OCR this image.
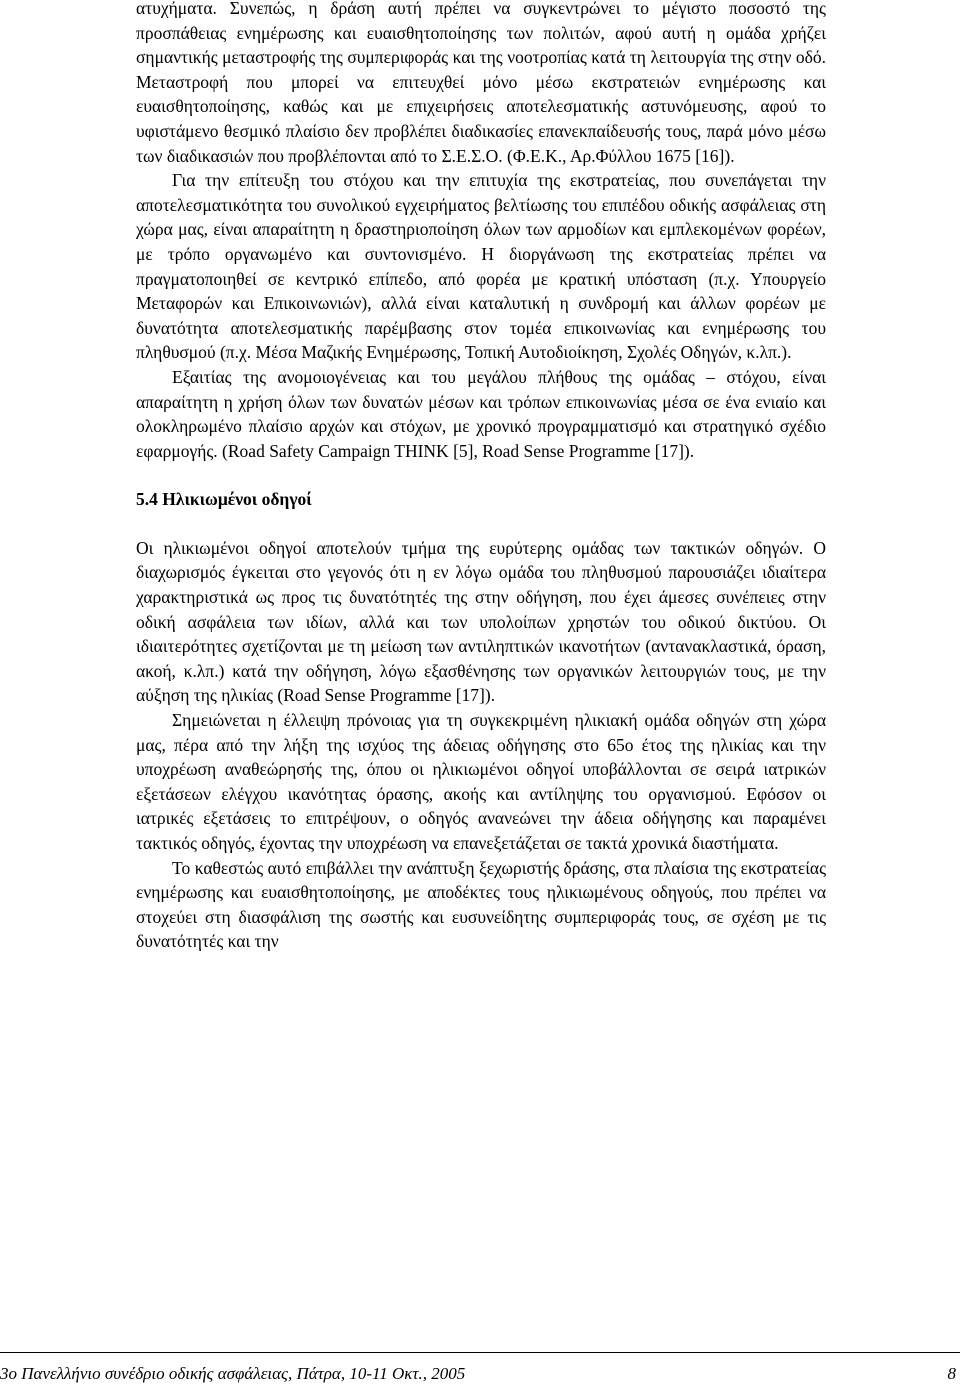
ατυχήματα. Συνεπώς, η δράση αυτή πρέπει να συγκεντρώνει το μέγιστο ποσοστό της προσπάθειας ενημέρωσης και ευαισθητοποίησης των πολιτών, αφού αυτή η ομάδα χρήζει σημαντικής μεταστροφής της συμπεριφοράς και της νοοτροπίας κατά τη λειτουργία της στην οδό. Μεταστροφή που μπορεί να επιτευχθεί μόνο μέσω εκστρατειών ενημέρωσης και ευαισθητοποίησης, καθώς και με επιχειρήσεις αποτελεσματικής αστυνόμευσης, αφού το υφιστάμενο θεσμικό πλαίσιο δεν προβλέπει διαδικασίες επανεκπαίδευσής τους, παρά μόνο μέσω των διαδικασιών που προβλέπονται από το Σ.Ε.Σ.Ο. (Φ.Ε.Κ., Αρ.Φύλλου 1675 [16]).

Για την επίτευξη του στόχου και την επιτυχία της εκστρατείας, που συνεπάγεται την αποτελεσματικότητα του συνολικού εγχειρήματος βελτίωσης του επιπέδου οδικής ασφάλειας στη χώρα μας, είναι απαραίτητη η δραστηριοποίηση όλων των αρμοδίων και εμπλεκομένων φορέων, με τρόπο οργανωμένο και συντονισμένο. Η διοργάνωση της εκστρατείας πρέπει να πραγματοποιηθεί σε κεντρικό επίπεδο, από φορέα με κρατική υπόσταση (π.χ. Υπουργείο Μεταφορών και Επικοινωνιών), αλλά είναι καταλυτική η συνδρομή και άλλων φορέων με δυνατότητα αποτελεσματικής παρέμβασης στον τομέα επικοινωνίας και ενημέρωσης του πληθυσμού (π.χ. Μέσα Μαζικής Ενημέρωσης, Τοπική Αυτοδιοίκηση, Σχολές Οδηγών, κ.λπ.).

Εξαιτίας της ανομοιογένειας και του μεγάλου πλήθους της ομάδας – στόχου, είναι απαραίτητη η χρήση όλων των δυνατών μέσων και τρόπων επικοινωνίας μέσα σε ένα ενιαίο και ολοκληρωμένο πλαίσιο αρχών και στόχων, με χρονικό προγραμματισμό και στρατηγικό σχέδιο εφαρμογής. (Road Safety Campaign THINK [5], Road Sense Programme [17]).

5.4 Ηλικιωμένοι οδηγοί

Οι ηλικιωμένοι οδηγοί αποτελούν τμήμα της ευρύτερης ομάδας των τακτικών οδηγών. Ο διαχωρισμός έγκειται στο γεγονός ότι η εν λόγω ομάδα του πληθυσμού παρουσιάζει ιδιαίτερα χαρακτηριστικά ως προς τις δυνατότητές της στην οδήγηση, που έχει άμεσες συνέπειες στην οδική ασφάλεια των ιδίων, αλλά και των υπολοίπων χρηστών του οδικού δικτύου. Οι ιδιαιτερότητες σχετίζονται με τη μείωση των αντιληπτικών ικανοτήτων (αντανακλαστικά, όραση, ακοή, κ.λπ.) κατά την οδήγηση, λόγω εξασθένησης των οργανικών λειτουργιών τους, με την αύξηση της ηλικίας (Road Sense Programme [17]).

Σημειώνεται η έλλειψη πρόνοιας για τη συγκεκριμένη ηλικιακή ομάδα οδηγών στη χώρα μας, πέρα από την λήξη της ισχύος της άδειας οδήγησης στο 65ο έτος της ηλικίας και την υποχρέωση αναθεώρησής της, όπου οι ηλικιωμένοι οδηγοί υποβάλλονται σε σειρά ιατρικών εξετάσεων ελέγχου ικανότητας όρασης, ακοής και αντίληψης του οργανισμού. Εφόσον οι ιατρικές εξετάσεις το επιτρέψουν, ο οδηγός ανανεώνει την άδεια οδήγησης και παραμένει τακτικός οδηγός, έχοντας την υποχρέωση να επανεξετάζεται σε τακτά χρονικά διαστήματα.

Το καθεστώς αυτό επιβάλλει την ανάπτυξη ξεχωριστής δράσης, στα πλαίσια της εκστρατείας ενημέρωσης και ευαισθητοποίησης, με αποδέκτες τους ηλικιωμένους οδηγούς, που πρέπει να στοχεύει στη διασφάλιση της σωστής και ευσυνείδητης συμπεριφοράς τους, σε σχέση με τις δυνατότητές και την

3ο Πανελλήνιο συνέδριο οδικής ασφάλειας, Πάτρα, 10-11 Οκτ., 2005	8
